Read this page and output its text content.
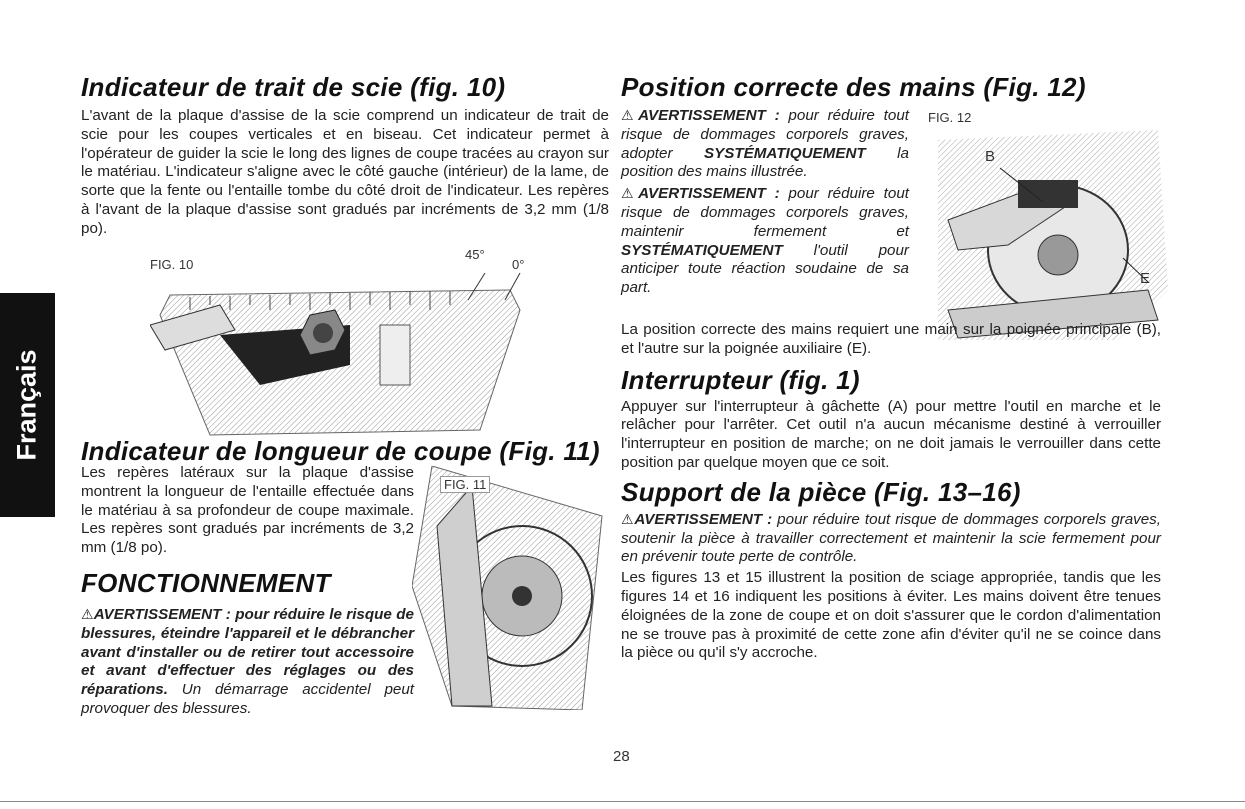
Français
Indicateur de trait de scie (fig. 10)

L'avant de la plaque d'assise de la scie comprend un indicateur de trait de scie pour les coupes verticales et en biseau. Cet indicateur permet à l'opérateur de guider la scie le long des lignes de coupe tracées au crayon sur le matériau. L'indicateur s'aligne avec le côté gauche (intérieur) de la lame, de sorte que la fente ou l'entaille tombe du côté droit de l'indicateur. Les repères à l'avant de la plaque d'assise sont gradués par incréments de 3,2 mm (1/8 po).

FIG. 10
45°
0°
Indicateur de longueur de coupe (Fig. 11)

Les repères latéraux sur la plaque d'assise montrent la longueur de l'entaille effectuée dans le matériau à sa profondeur de coupe maximale. Les repères sont gradués par incréments de 3,2 mm (1/8 po).

FONCTIONNEMENT

⚠AVERTISSEMENT : pour réduire le risque de blessures, éteindre l'appareil et le débrancher avant d'installer ou de retirer tout accessoire et avant d'effectuer des réglages ou des réparations. Un démarrage accidentel peut provoquer des blessures.

FIG. 11
Position correcte des mains (Fig. 12)

⚠AVERTISSEMENT : pour réduire tout risque de dommages corporels graves, adopter SYSTÉMATIQUEMENT la position des mains illustrée.

⚠AVERTISSEMENT : pour réduire tout risque de dommages corporels graves, maintenir fermement et SYSTÉMATIQUEMENT l'outil pour anticiper toute réaction soudaine de sa part.

FIG. 12
B
E

La position correcte des mains requiert une main sur la poignée principale (B), et l'autre sur la poignée auxiliaire (E).

Interrupteur (fig. 1)

Appuyer sur l'interrupteur à gâchette (A) pour mettre l'outil en marche et le relâcher pour l'arrêter. Cet outil n'a aucun mécanisme destiné à verrouiller l'interrupteur en position de marche; on ne doit jamais le verrouiller dans cette position par quelque moyen que ce soit.

Support de la pièce (Fig. 13–16)

⚠AVERTISSEMENT : pour réduire tout risque de dommages corporels graves, soutenir la pièce à travailler correctement et maintenir la scie fermement pour en prévenir toute perte de contrôle.

Les figures 13 et 15 illustrent la position de sciage appropriée, tandis que les figures 14 et 16 indiquent les positions à éviter. Les mains doivent être tenues éloignées de la zone de coupe et on doit s'assurer que le cordon d'alimentation ne se trouve pas à proximité de cette zone afin d'éviter qu'il ne se coince dans la pièce ou qu'il s'y accroche.

28
